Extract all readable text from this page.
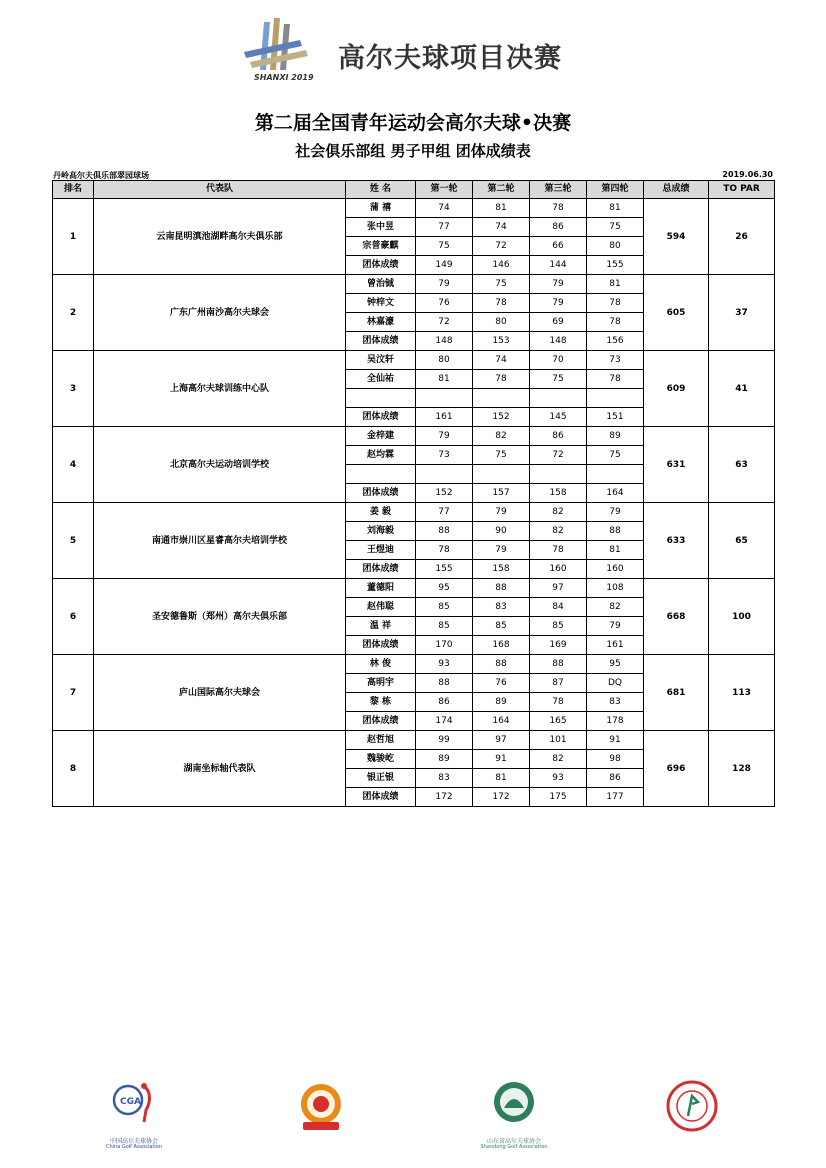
SHANXI 2019
高尔夫球项目决赛
第二届全国青年运动会高尔夫球•决赛
社会俱乐部组 男子甲组 团体成绩表
丹岭高尔夫俱乐部翠园球场	2019.06.30
排名	代表队	姓 名	第一轮	第二轮	第三轮	第四轮	总成绩	TO PAR
1	云南昆明滇池湖畔高尔夫俱乐部	蒲 禧	74	81	78	81	594	26
		张中昱	77	74	86	75		
		宗普豪麒	75	72	66	80		
		团体成绩	149	146	144	155		
2	广东广州南沙高尔夫球会	曾治铖	79	75	79	81	605	37
		钟梓文	76	78	79	78		
		林嘉濠	72	80	69	78		
		团体成绩	148	153	148	156		
3	上海高尔夫球训练中心队	吴汶轩	80	74	70	73	609	41
		全仙祐	81	78	75	78		

		团体成绩	161	152	145	151		
4	北京高尔夫运动培训学校	金梓建	79	82	86	89	631	63
		赵均霖	73	75	72	75		

		团体成绩	152	157	158	164		
5	南通市崇川区星睿高尔夫培训学校	姜 毅	77	79	82	79	633	65
		刘海毅	88	90	82	88		
		王煜迪	78	79	78	81		
		团体成绩	155	158	160	160		
6	圣安德鲁斯（郑州）高尔夫俱乐部	董德阳	95	88	97	108	668	100
		赵伟聪	85	83	84	82		
		温 祥	85	85	85	79		
		团体成绩	170	168	169	161		
7	庐山国际高尔夫球会	林 俊	93	88	88	95	681	113
		高明宇	88	76	87	DQ		
		黎 栋	86	89	78	83		
		团体成绩	174	164	165	178		
8	湖南坐标轴代表队	赵哲旭	99	97	101	91	696	128
		魏骏屹	89	91	82	98		
		银正银	83	81	93	86		
		团体成绩	172	172	175	177		
CGA
中国高尔夫球协会
China Golf Association
山东省高尔夫球协会
Shandong Golf Association
